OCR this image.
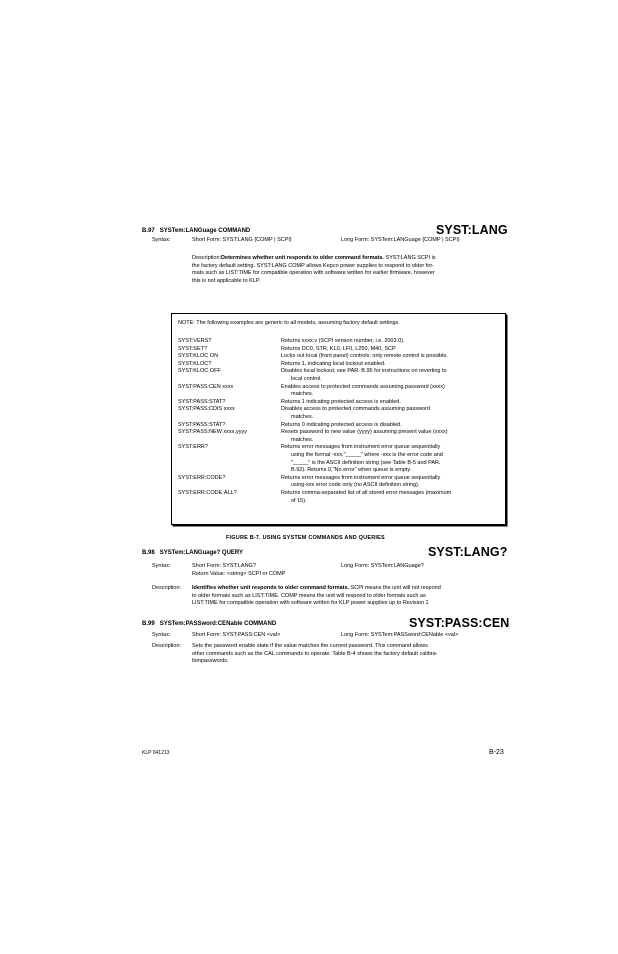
B.97 SYSTem:LANGuage COMMAND	SYST:LANG
Syntax:	Short Form: SYST:LANG {COMP | SCPI}	Long Form: SYSTem:LANGuage {COMP | SCPI}
Description:Determines whether unit responds to older command formats. SYST:LANG SCPI is
the factory default setting. SYST:LANG COMP allows Kepco power supplies to respond to older for-
mats such as LIST:TIME for compatible operation with software written for earlier firmware, however
this is not applicable to KLP.
NOTE: The following examples are generic to all models, assuming factory default settings.
SYST:VERS?	Returns xxxx.v (SCPI version number, i.e. 2003.0).
SYST:SET?	Returns DC0, STR, KL0, LF0, L250, M40, SCP
SYST:KLOC ON	Locks out local (front panel) controls; only remote control is possible.
SYST:KLOC?	Returns 1, indicating local lockout enabled.
SYST:KLOC OFF	Disables local lockout; see PAR. B.95 for instructions on reverting to
local control.
SYST:PASS:CEN xxxx	Enables access to protected commands assuming password (xxxx)
matches.
SYST:PASS:STAT?	Returns 1 indicating protected access is enabled.
SYST:PASS:CDIS xxxx	Disables access to protected commands assuming password
matches.
SYST:PASS:STAT?	Returns 0 indicating protected access is disabled.
SYST:PASS:NEW xxxx,yyyy	Resets password to new value (yyyy) assuming present value (xxxx)
matches.
SYST:ERR?	Returns error messages from instrument error queue sequentially
using the format -xxx,"_____" where -xxx is the error code and
"_____" is the ASCII definition string (see Table B-5 and PAR.
B.92). Returns 0,"No error" when queue is empty.
SYST:ERR:CODE?	Returns error messages from instrument error queue sequentially
using-xxx error code only (no ASCII definition string).
SYST:ERR:CODE:ALL?	Returns comma-separated list of all stored error messages (maximum
of 15).
FIGURE B-7. USING SYSTEM COMMANDS AND QUERIES
B.98 SYSTem:LANGuage? QUERY	SYST:LANG?
Syntax:	Short Form: SYST:LANG?	Long Form: SYSTem:LANGuage?
Return Value: <string> SCPI or COMP
Description: Identifies whether unit responds to older command formats. SCPI means the unit will not respond
to older formats such as LIST:TIME. COMP means the unit will respond to older formats such as
LIST:TIME for compatible operation with software written for KLP power supplies up to Revision 1
B.99 SYSTem:PASSword:CENable COMMAND	SYST:PASS:CEN
Syntax:	Short Form: SYST:PASS:CEN <val>	Long Form: SYSTem:PASSword:CENable <val>
Description: Sets the password enable state if the value matches the current password. This command allows
other commands such as the CAL commands to operate. Table B-4 shows the factory default calibra-
tionpasswords.
KLP 041213	B-23
